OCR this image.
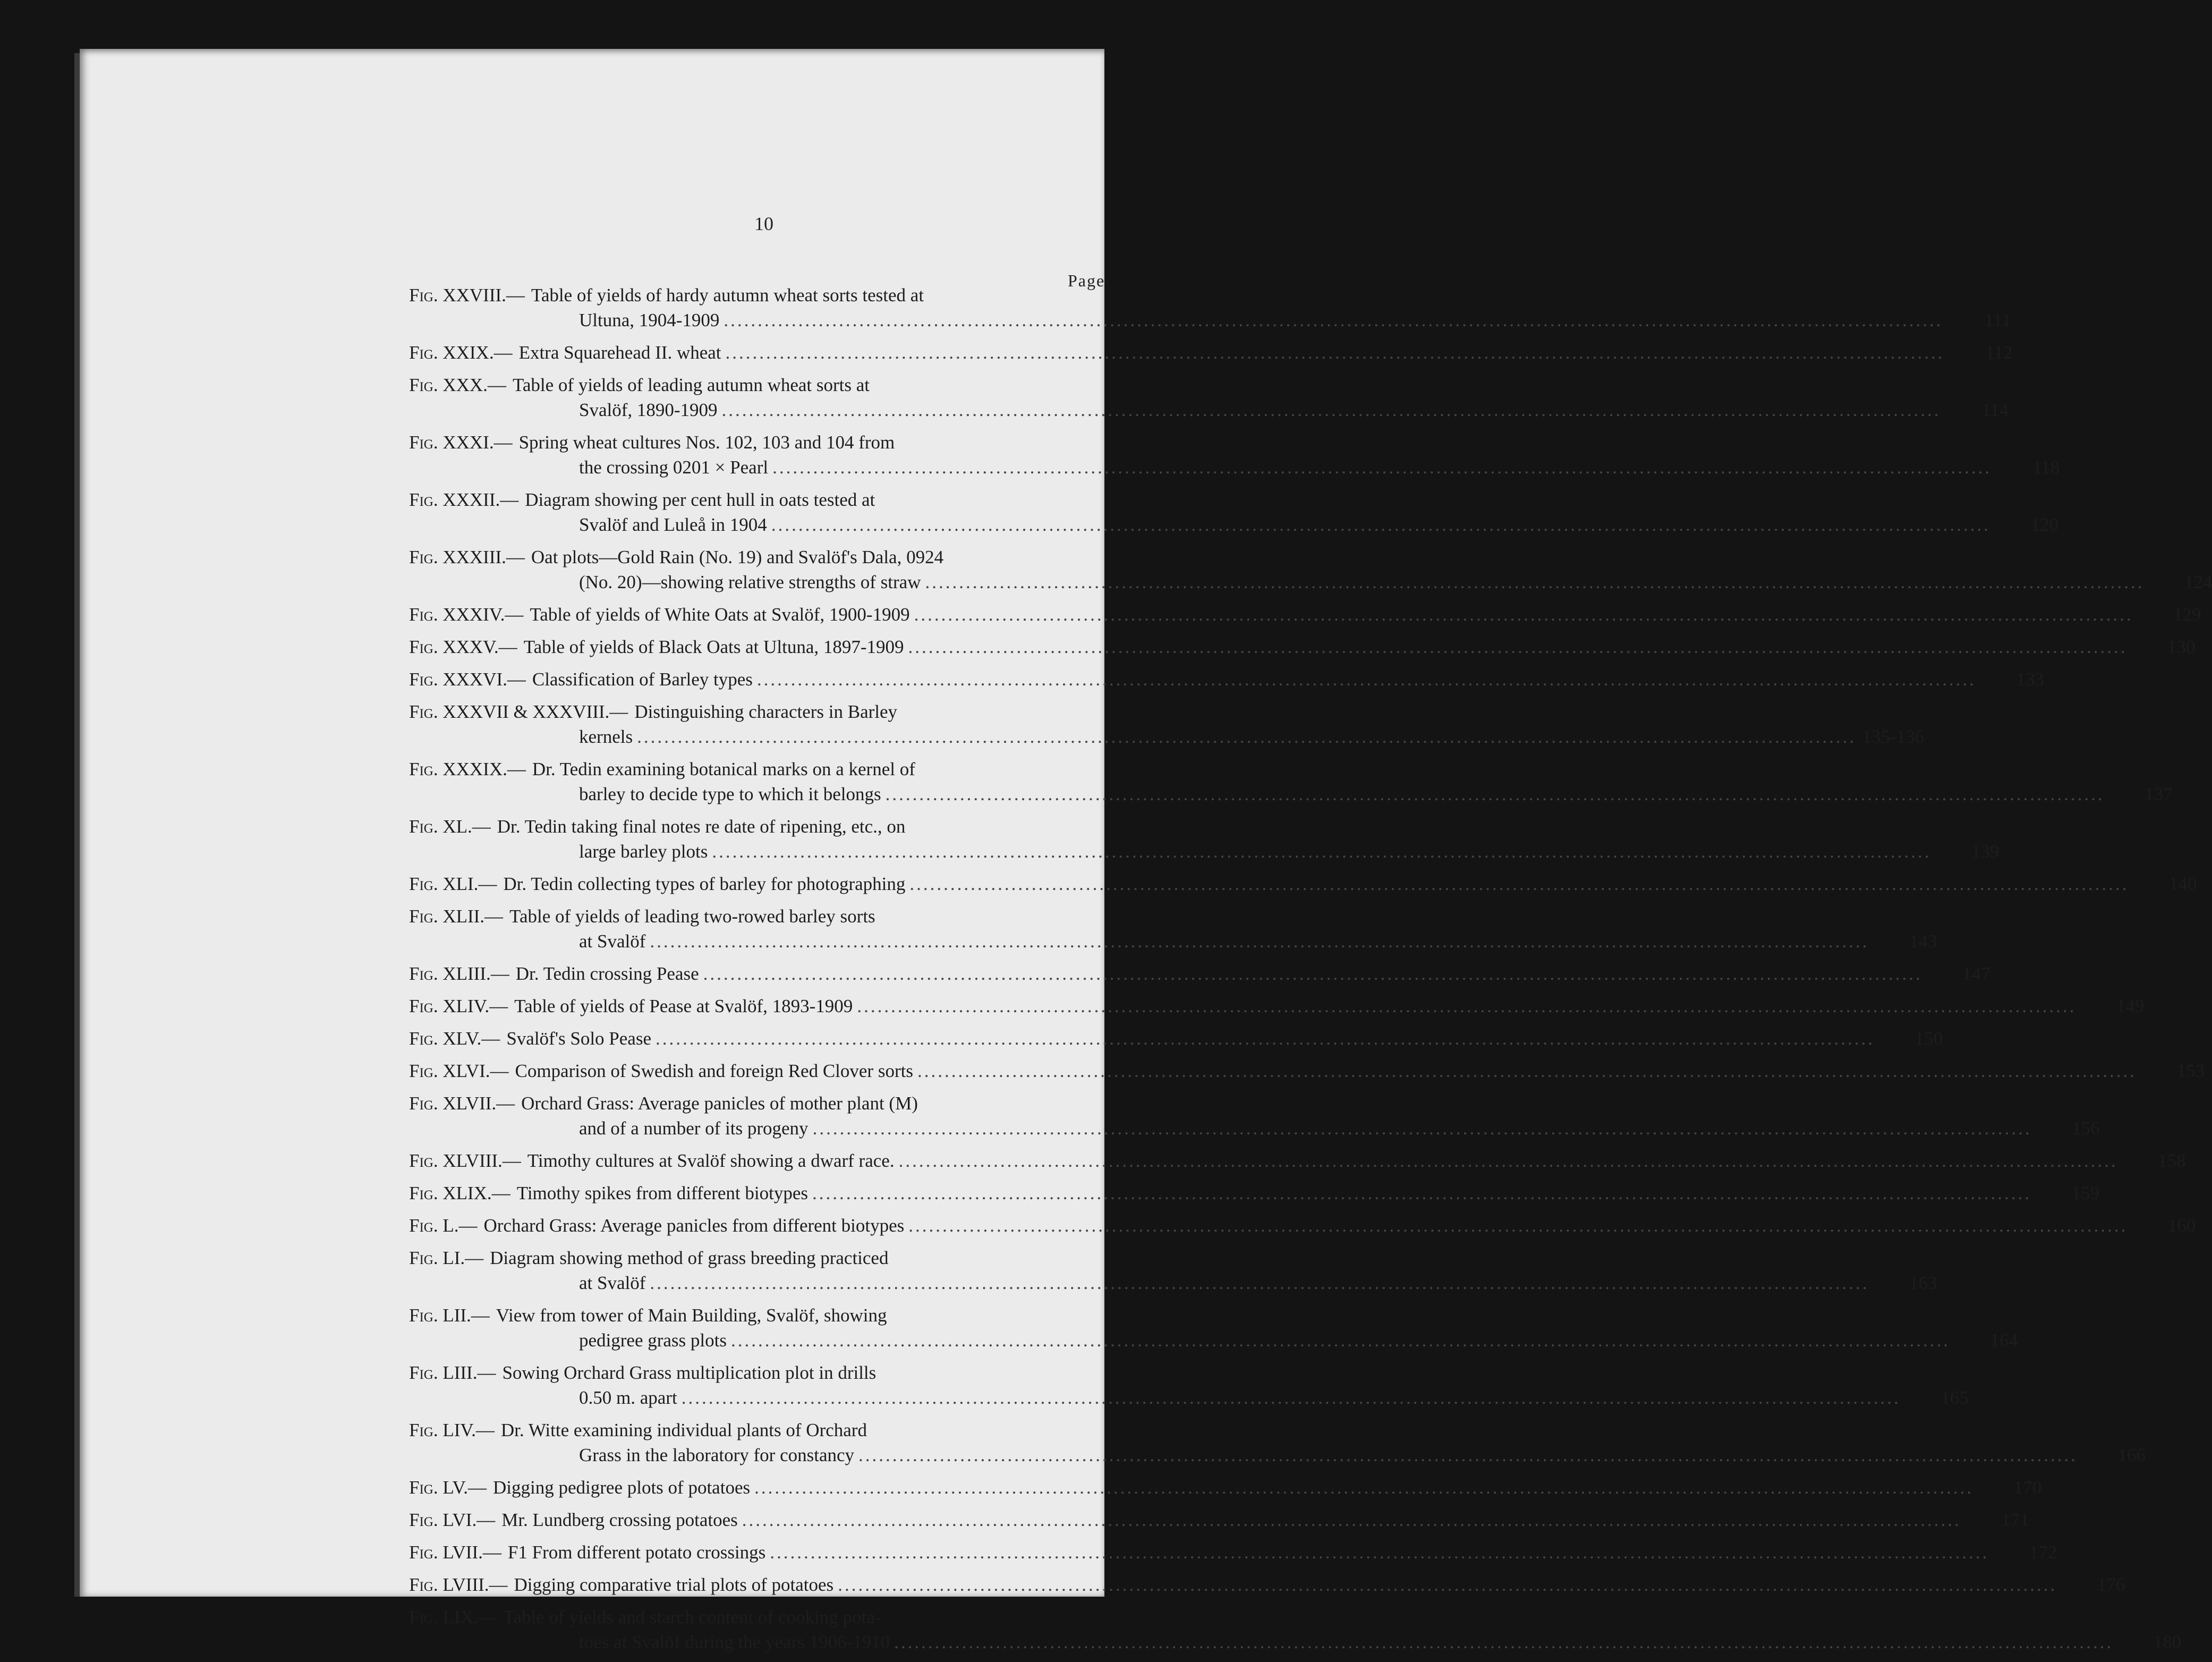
10
Page
Fig. XXVIII.— Table of yields of hardy autumn wheat sorts tested at
Ultuna, 1904-1909 .....	111
Fig. XXIX.— Extra Squarehead II. wheat .....	112
Fig. XXX.— Table of yields of leading autumn wheat sorts at
Svalöf, 1890-1909 .....	114
Fig. XXXI.— Spring wheat cultures Nos. 102, 103 and 104 from
the crossing 0201 × Pearl .....	118
Fig. XXXII.— Diagram showing per cent hull in oats tested at
Svalöf and Luleå in 1904 .....	120
Fig. XXXIII.— Oat plots—Gold Rain (No. 19) and Svalöf's Dala, 0924
(No. 20)—showing relative strengths of straw .....	124
Fig. XXXIV.— Table of yields of White Oats at Svalöf, 1900-1909 .....	129
Fig. XXXV.— Table of yields of Black Oats at Ultuna, 1897-1909 .....	130
Fig. XXXVI.— Classification of Barley types .....	133
Fig. XXXVII & XXXVIII.— Distinguishing characters in Barley
kernels .....	135-136
Fig. XXXIX.— Dr. Tedin examining botanical marks on a kernel of
barley to decide type to which it belongs .....	137
Fig. XL.— Dr. Tedin taking final notes re date of ripening, etc., on
large barley plots .....	139
Fig. XLI.— Dr. Tedin collecting types of barley for photographing .....	140
Fig. XLII.— Table of yields of leading two-rowed barley sorts
at Svalöf .....	143
Fig. XLIII.— Dr. Tedin crossing Pease .....	147
Fig. XLIV.— Table of yields of Pease at Svalöf, 1893-1909 .....	149
Fig. XLV.— Svalöf's Solo Pease .....	150
Fig. XLVI.— Comparison of Swedish and foreign Red Clover sorts .....	153
Fig. XLVII.— Orchard Grass: Average panicles of mother plant (M)
and of a number of its progeny .....	156
Fig. XLVIII.— Timothy cultures at Svalöf showing a dwarf race. .....	158
Fig. XLIX.— Timothy spikes from different biotypes .....	159
Fig. L.— Orchard Grass: Average panicles from different biotypes .....	160
Fig. LI.— Diagram showing method of grass breeding practiced
at Svalöf .....	163
Fig. LII.— View from tower of Main Building, Svalöf, showing
pedigree grass plots .....	164
Fig. LIII.— Sowing Orchard Grass multiplication plot in drills
0.50 m. apart .....	165
Fig. LIV.— Dr. Witte examining individual plants of Orchard
Grass in the laboratory for constancy .....	166
Fig. LV.— Digging pedigree plots of potatoes .....	170
Fig. LVI.— Mr. Lundberg crossing potatoes .....	171
Fig. LVII.— F1 From different potato crossings .....	172
Fig. LVIII.— Digging comparative trial plots of potatoes .....	176
Fig. LIX.— Table of yields and starch content of cooking pota-
toes at Svalöf during the years 1906-1910 .....	180
